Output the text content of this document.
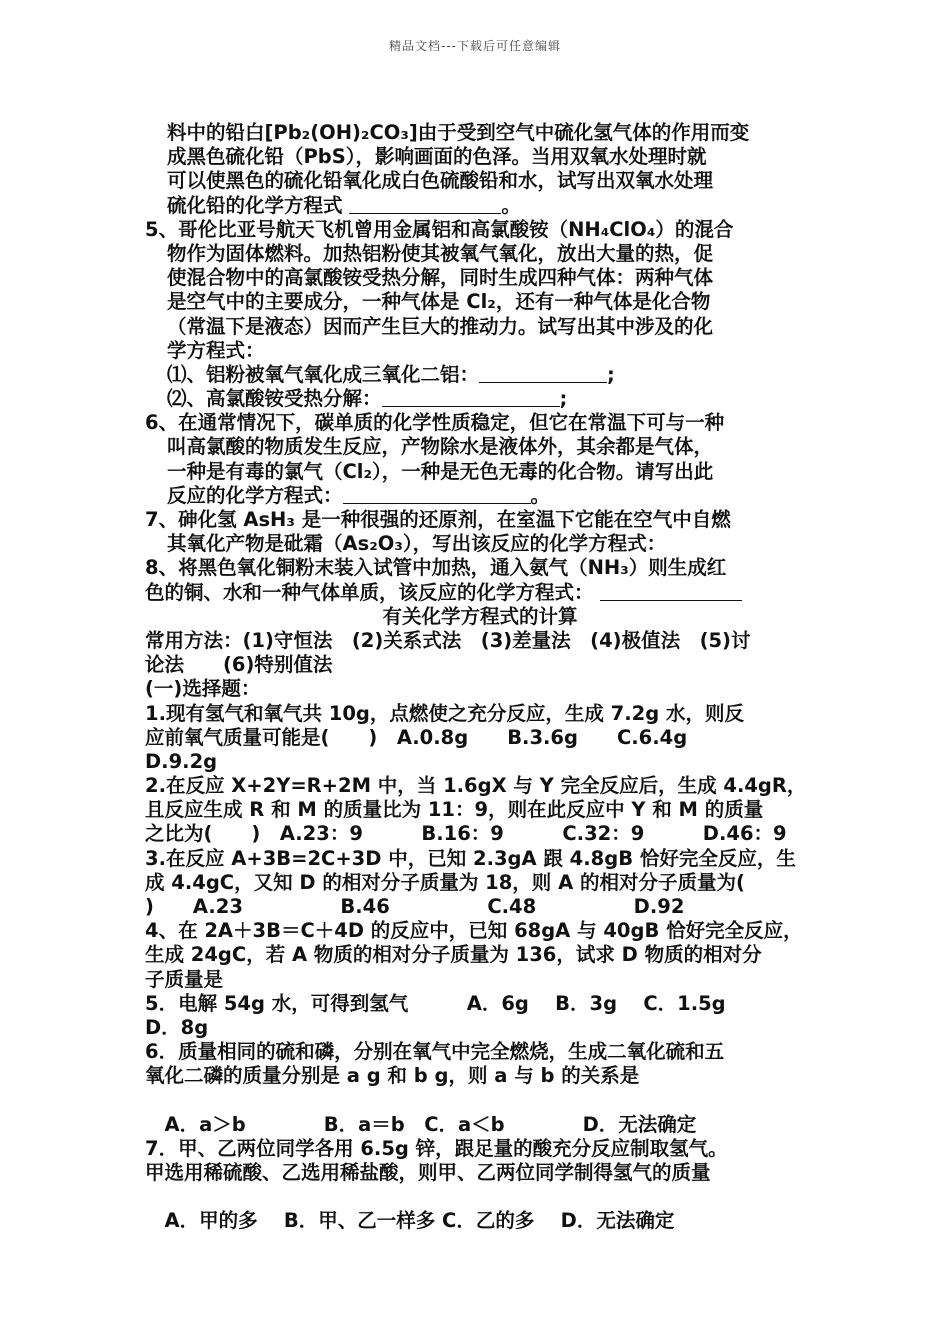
精品文档---下载后可任意编辑
料中的铅白[Pb₂(OH)₂CO₃]由于受到空气中硫化氢气体的作用而变
成黑色硫化铅（PbS），影响画面的色泽。当用双氧水处理时就
可以使黑色的硫化铅氧化成白色硫酸铅和水，试写出双氧水处理
硫化铅的化学方程式	。
5、哥伦比亚号航天飞机曾用金属铝和高氯酸铵（NH₄ClO₄）的混合
物作为固体燃料。加热铝粉使其被氧气氧化，放出大量的热，促
使混合物中的高氯酸铵受热分解，同时生成四种气体：两种气体
是空气中的主要成分，一种气体是 Cl₂，还有一种气体是化合物
（常温下是液态）因而产生巨大的推动力。试写出其中涉及的化
学方程式：
⑴、铝粉被氧气氧化成三氧化二铝：	;
⑵、高氯酸铵受热分解：	;
6、在通常情况下，碳单质的化学性质稳定，但它在常温下可与一种
叫高氯酸的物质发生反应，产物除水是液体外，其余都是气体，
一种是有毒的氯气（Cl₂），一种是无色无毒的化合物。请写出此
反应的化学方程式：	。
7、砷化氢 AsH₃ 是一种很强的还原剂，在室温下它能在空气中自燃
其氧化产物是砒霜（As₂O₃），写出该反应的化学方程式：
8、将黑色氧化铜粉末装入试管中加热，通入氨气（NH₃）则生成红
色的铜、水和一种气体单质，该反应的化学方程式：
有关化学方程式的计算
常用方法：(1)守恒法　(2)关系式法　(3)差量法　(4)极值法　(5)讨
论法　　(6)特别值法
(一)选择题：
1.现有氢气和氧气共 10g，点燃使之充分反应，生成 7.2g 水，则反
应前氧气质量可能是(　　)　A.0.8g　　B.3.6g　　C.6.4g
D.9.2g
2.在反应 X+2Y=R+2M 中，当 1.6gX 与 Y 完全反应后，生成 4.4gR，
且反应生成 R 和 M 的质量比为 11：9，则在此反应中 Y 和 M 的质量
之比为(　　)　A.23：9　　　B.16：9　　　C.32：9　　　D.46：9
3.在反应 A+3B=2C+3D 中，已知 2.3gA 跟 4.8gB 恰好完全反应，生
成 4.4gC，又知 D 的相对分子质量为 18，则 A 的相对分子质量为(
)　　A.23　　　　　B.46　　　　　C.48　　　　　D.92
4、在 2A＋3B＝C＋4D 的反应中，已知 68gA 与 40gB 恰好完全反应，
生成 24gC，若 A 物质的相对分子质量为 136，试求 D 物质的相对分
子质量是
5．电解 54g 水，可得到氢气　　　A．6g　 B．3g　 C．1.5g
D．8g
6．质量相同的硫和磷，分别在氧气中完全燃烧，生成二氧化硫和五
氧化二磷的质量分别是 a g 和 b g，则 a 与 b 的关系是
　A．a＞b　　　　B．a＝b　C．a＜b　　　　D．无法确定
7．甲、乙两位同学各用 6.5g 锌，跟足量的酸充分反应制取氢气。
甲选用稀硫酸、乙选用稀盐酸，则甲、乙两位同学制得氢气的质量
　A．甲的多　 B．甲、乙一样多 C．乙的多　 D．无法确定
